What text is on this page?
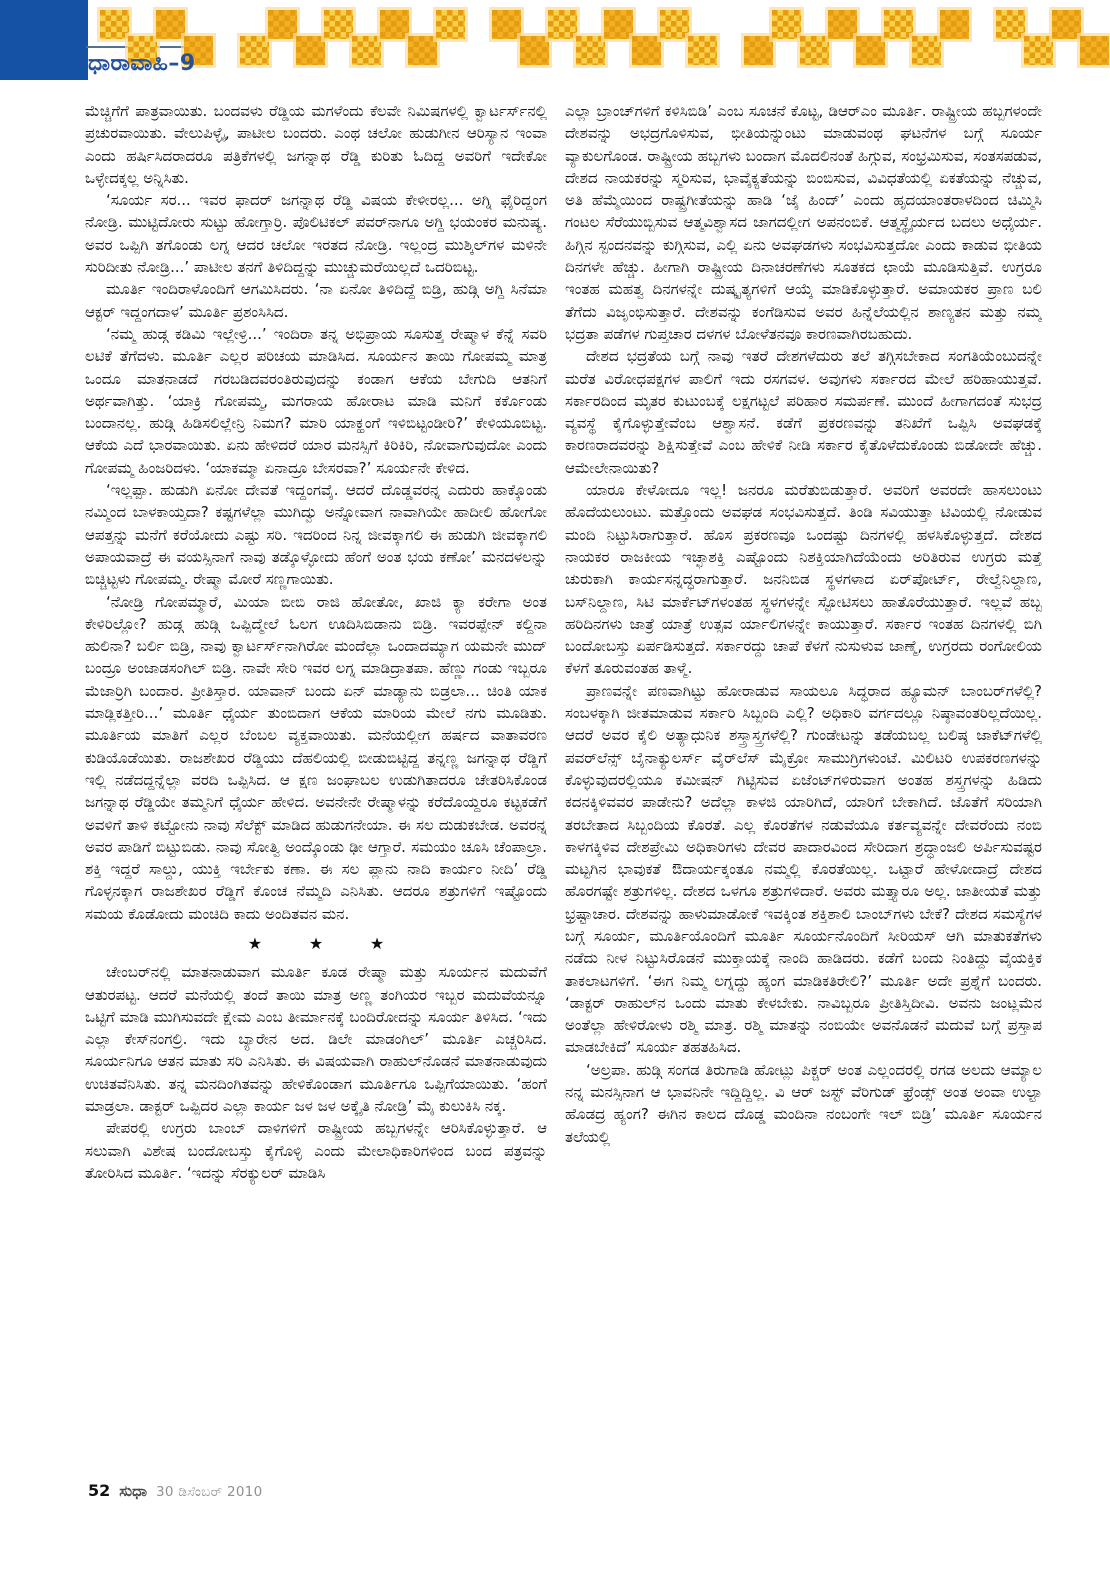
ಧಾರಾವಾಹಿ–9

ಮೆಚ್ಚಿಗೆಗೆ ಪಾತ್ರವಾಯಿತು. ಬಂದವಳು ರೆಡ್ಡಿಯ ಮಗಳೆಂದು ಕೆಲವೇ ನಿಮಿಷಗಳಲ್ಲಿ ಕ್ವಾರ್ಟರ್ಸ್‌ನಲ್ಲಿ ಪ್ರಚುರವಾಯಿತು. ವೇಲುಪಿಳ್ಳೈ, ಪಾಟೀಲ ಬಂದರು. ಎಂಥ ಚಲೋ ಹುಡುಗೀನ ಆರಿಸ್ಯಾನ ಇಂವಾ ಎಂದು ಹರ್ಷಿಸಿದರಾದರೂ ಪತ್ರಿಕೆಗಳಲ್ಲಿ ಜಗನ್ನಾಥ ರೆಡ್ಡಿ ಕುರಿತು ಓದಿದ್ದ ಅವರಿಗೆ ಇದೇಕೋ ಒಳ್ಳೇದಕ್ಕಲ್ಲ ಅನ್ನಿಸಿತು.

‘ಸೂರ್ಯ ಸರ... ಇವರ ಫಾದರ್ ಜಗನ್ನಾಥ ರೆಡ್ಡಿ ವಿಷಯ ಕೇಳೀರಲ್ಲ... ಅಗ್ನಿ ಫೈರಿದ್ದಂಗ ನೋಡ್ರಿ. ಮುಟ್ಟಿದೋರು ಸುಟ್ಟು ಹೋಗ್ತಾರ್ರಿ. ಪೊಲಿಟಿಕಲ್ ಪವರ್‌ನಾಗೂ ಅಗ್ದಿ ಭಯಂಕರ ಮನುಷ್ಯ. ಅವರ ಒಪ್ಪಿಗಿ ತಗೊಂಡು ಲಗ್ನ ಆದರ ಚಲೋ ಇರತದ ನೋಡ್ರಿ. ಇಲ್ಲಂದ್ರ ಮುಶ್ಕಿಲ್‌ಗಳ ಮಳಿನೇ ಸುರಿದೀತು ನೋಡ್ರಿ...’ ಪಾಟೀಲ ತನಗೆ ತಿಳಿದಿದ್ದನ್ನು ಮುಚ್ಚುಮರೆಯಿಲ್ಲದೆ ಒದರಿಬಿಟ್ಟ.

ಮೂರ್ತಿ ಇಂದಿರಾಳೊಂದಿಗೆ ಆಗಮಿಸಿದರು. ‘ನಾ ಏನೋ ತಿಳಿದಿದ್ದೆ ಬಿಡ್ರಿ, ಹುಡ್ಗಿ ಅಗ್ದಿ ಸಿನೆಮಾ ಆಕ್ಟರ್ ಇದ್ದಂಗದಾಳ’ ಮೂರ್ತಿ ಪ್ರಶಂಸಿಸಿದ.

‘ನಮ್ಮ ಹುಡ್ಗ ಕಡಿಮಿ ಇಲ್ಲೇಳ್ರಿ...’ ಇಂದಿರಾ ತನ್ನ ಅಭಿಪ್ರಾಯ ಸೂಸುತ್ತ ರೇಷ್ಮಾಳ ಕೆನ್ನೆ ಸವರಿ ಲಟಿಕೆ ತೆಗೆದಳು. ಮೂರ್ತಿ ಎಲ್ಲರ ಪರಿಚಯ ಮಾಡಿಸಿದ. ಸೂರ್ಯನ ತಾಯಿ ಗೋಪಮ್ಮ ಮಾತ್ರ ಒಂದೂ ಮಾತನಾಡದೆ ಗರಬಡಿದವರಂತಿರುವುದನ್ನು ಕಂಡಾಗ ಆಕೆಯ ಬೇಗುದಿ ಆತನಿಗೆ ಅರ್ಥವಾಗಿತ್ತು. ‘ಯಾಕ್ರಿ ಗೋಪಮ್ಮ, ಮಗರಾಯ ಹೋರಾಟ ಮಾಡಿ ಮನಿಗೆ ಕರ್ಕೊಂಡು ಬಂದಾನಲ್ಲ. ಹುಡ್ಗಿ ಹಿಡಿಸಲಿಲ್ಲೇನ್ರಿ ನಿಮಗ? ಮಾರಿ ಯಾಕ್ಹಂಗೆ ಇಳಿಬಿಟ್ಟಂಡೀರಿ?’ ಕೇಳಿಯೂಬಿಟ್ಟ. ಆಕೆಯ ಎದೆ ಭಾರವಾಯಿತು. ಏನು ಹೇಳಿದರೆ ಯಾರ ಮನಸ್ಸಿಗೆ ಕಿರಿಕಿರಿ, ನೋವಾಗುವುದೋ ಎಂದು ಗೋಪಮ್ಮ ಹಿಂಜರಿದಳು. ‘ಯಾಕಮ್ಮಾ ಏನಾದ್ರೂ ಬೇಸರವಾ?’ ಸೂರ್ಯನೇ ಕೇಳಿದ.

‘ಇಲ್ಲಪ್ಪಾ. ಹುಡುಗಿ ಏನೋ ದೇವತೆ ಇದ್ದಂಗವೈ. ಆದರೆ ದೊಡ್ಡವರನ್ನ ಎದುರು ಹಾಕ್ಕೊಂಡು ನಮ್ಮಿಂದ ಬಾಳಕಾಯ್ತದಾ? ಕಷ್ಟಗಳೆಲ್ಲಾ ಮುಗಿದ್ವು ಅನ್ನೋವಾಗ ನಾವಾಗಿಯೇ ಹಾದೀಲಿ ಹೋಗೋ ಆಪತ್ತನ್ನು ಮನೆಗೆ ಕರೆಯೋದು ಎಷ್ಟು ಸರಿ. ಇದರಿಂದ ನಿನ್ನ ಜೀವಕ್ಕಾಗಲಿ ಈ ಹುಡುಗಿ ಜೀವಕ್ಕಾಗಲಿ ಅಪಾಯವಾದ್ರೆ ಈ ವಯಸ್ಸಿನಾಗೆ ನಾವು ತಡ್ಕೊಳ್ಳೋದು ಹೆಂಗೆ ಅಂತ ಭಯ ಕಣೋ’ ಮನದಳಲನ್ನು ಬಿಚ್ಚಿಟ್ಟಳು ಗೋಪಮ್ಮ. ರೇಷ್ಮಾ ಮೋರೆ ಸಣ್ಣಗಾಯಿತು.

‘ನೋಡ್ರಿ ಗೋಪಮ್ಮಾರೆ, ಮಿಯಾ ಬೀಬಿ ರಾಜಿ ಹೋತೋ, ಖಾಜಿ ಕ್ಯಾ ಕರೇಗಾ ಅಂತ ಕೇಳಿರಿಲ್ಲೋ? ಹುಡ್ಗ ಹುಡ್ಗಿ ಒಪ್ಪಿದ್ಮೇಲೆ ಓಲಗ ಊದಿಸಿಬಿಡಾನು ಬಿಡ್ರಿ. ಇವರಪ್ಪೇನ್ ಕಲ್ದಿನಾ ಹುಲಿನಾ? ಬರ್ಲಿ ಬಿಡ್ರಿ, ನಾವು ಕ್ವಾರ್ಟರ್ಸ್‌ನಾಗಿರೋ ಮಂದೆಲ್ಲಾ ಒಂದಾದಮ್ಯಾಗ ಯಮನೇ ಮುದ್ ಬಂದ್ರೂ ಅಂಜಾಡಸಂಗಿಲ್ ಬಿಡ್ರಿ. ನಾವೇ ಸೇರಿ ಇವರ ಲಗ್ನ ಮಾಡಿದ್ರಾತಪಾ. ಹೆಣ್ಣು ಗಂಡು ಇಬ್ಬರೂ ಮೆಜಾರ್ರಿಗಿ ಬಂದಾರ. ಪ್ರೀತಿಸ್ತಾರ. ಯಾವಾನ್ ಬಂದು ಏನ್ ಮಾಡ್ಯಾನು ಬಿಡ್ರಲಾ... ಚಿಂತಿ ಯಾಕ ಮಾಡ್ಲಿಕತ್ತೀರಿ...’ ಮೂರ್ತಿ ಧೈರ್ಯ ತುಂಬಿದಾಗ ಆಕೆಯ ಮಾರಿಯ ಮೇಲೆ ನಗು ಮೂಡಿತು. ಮೂರ್ತಿಯ ಮಾತಿಗೆ ಎಲ್ಲರ ಬೆಂಬಲ ವ್ಯಕ್ತವಾಯಿತು. ಮನೆಯಲ್ಲೀಗ ಹರ್ಷದ ವಾತಾವರಣ ಕುಡಿಯೊಡೆಯಿತು. ರಾಜಶೇಖರ ರೆಡ್ಡಿಯು ದೆಹಲಿಯಲ್ಲಿ ಬೀಡುಬಿಟ್ಟಿದ್ದ ತನ್ನಣ್ಣ ಜಗನ್ನಾಥ ರೆಡ್ಡಿಗೆ ಇಲ್ಲಿ ನಡೆದದ್ದನ್ನೆಲ್ಲಾ ವರದಿ ಒಪ್ಪಿಸಿದ. ಆ ಕ್ಷಣ ಜಂಘಾಬಲ ಉಡುಗಿತಾದರೂ ಚೇತರಿಸಿಕೊಂಡ ಜಗನ್ನಾಥ ರೆಡ್ಡಿಯೇ ತಮ್ಮನಿಗೆ ಧೈರ್ಯ ಹೇಳಿದ. ಅವನೇನೇ ರೇಷ್ಮಾಳನ್ನು ಕರೆದೊಯ್ದರೂ ಕಟ್ಟಕಡೆಗೆ ಅವಳಿಗೆ ತಾಳಿ ಕಟ್ಟೋನು ನಾವು ಸೆಲೆಕ್ಟ್ ಮಾಡಿದ ಹುಡುಗನೇಯಾ. ಈ ಸಲ ದುಡುಕಬೇಡ. ಅವರನ್ನ ಅವರ ಪಾಡಿಗೆ ಬಿಟ್ಟುಬಿಡು. ನಾವು ಸೋತ್ವಿ ಅಂದ್ಕೊಂಡು ಢೀ ಆಗ್ತಾರೆ. ಸಮಯಂ ಚೂಸಿ ಚೆಂಪಾಲ್ರಾ. ಶಕ್ತಿ ಇದ್ದರೆ ಸಾಲ್ದು, ಯುಕ್ತಿ ಇರ್ಬೇಕು ಕಣಾ. ಈ ಸಲ ಪ್ಲಾನು ನಾದಿ ಕಾರ್ಯಂ ನೀದಿ’ ರೆಡ್ಡಿ ಗೊಳ್ಳನಕ್ಕಾಗ ರಾಜಶೇಖರ ರೆಡ್ಡಿಗೆ ಕೊಂಚ ನೆಮ್ಮದಿ ಎನಿಸಿತು. ಆದರೂ ಶತ್ರುಗಳಿಗೆ ಇಷ್ಟೊಂದು ಸಮಯ ಕೊಡೋದು ಮಂಚಿದಿ ಕಾದು ಅಂದಿತವನ ಮನ.

★ ★ ★

ಚೇಂಬರ್‌ನಲ್ಲಿ ಮಾತನಾಡುವಾಗ ಮೂರ್ತಿ ಕೂಡ ರೇಷ್ಮಾ ಮತ್ತು ಸೂರ್ಯನ ಮದುವೆಗೆ ಆತುರಪಟ್ಟ. ಆದರೆ ಮನೆಯಲ್ಲಿ ತಂದೆ ತಾಯಿ ಮಾತ್ರ ಅಣ್ಣ ತಂಗಿಯರ ಇಬ್ಬರ ಮದುವೆಯನ್ನೂ ಒಟ್ಟಿಗೆ ಮಾಡಿ ಮುಗಿಸುವದೇ ಕ್ಷೇಮ ಎಂಬ ತೀರ್ಮಾನಕ್ಕೆ ಬಂದಿರೋದನ್ನು ಸೂರ್ಯ ತಿಳಿಸಿದ. ‘ಇದು ಎಲ್ಲಾ ಕೇಸ್‌ನಂಗಲ್ರಿ. ಇದು ಬ್ಯಾರೇನ ಅದ. ಡಿಲೇ ಮಾಡಂಗಿಲ್’ ಮೂರ್ತಿ ಎಚ್ಚರಿಸಿದ. ಸೂರ್ಯನಿಗೂ ಆತನ ಮಾತು ಸರಿ ಎನಿಸಿತು. ಈ ವಿಷಯವಾಗಿ ರಾಹುಲ್‌ನೊಡನೆ ಮಾತನಾಡುವುದು ಉಚಿತವೆನಿಸಿತು. ತನ್ನ ಮನದಿಂಗಿತವನ್ನು ಹೇಳಿಕೊಂಡಾಗ ಮೂರ್ತಿಗೂ ಒಪ್ಪಿಗೆಯಾಯಿತು. ‘ಹಂಗೆ ಮಾಡ್ರಲಾ. ಡಾಕ್ಟರ್ ಒಪ್ಪಿದರ ಎಲ್ಲಾ ಕಾರ್ಯ ಜಳ ಜಳ ಅಕ್ಕೈತಿ ನೋಡ್ರಿ’ ಮೈ ಕುಲುಕಿಸಿ ನಕ್ಕ.

ಪೇಪರಲ್ಲಿ ಉಗ್ರರು ಬಾಂಬ್ ದಾಳಿಗಳಿಗೆ ರಾಷ್ಟ್ರೀಯ ಹಬ್ಬಗಳನ್ನೇ ಆರಿಸಿಕೊಳ್ಳುತ್ತಾರೆ. ಆ ಸಲುವಾಗಿ ವಿಶೇಷ ಬಂದೋಬಸ್ತು ಕೈಗೊಳ್ಳಿ ಎಂದು ಮೇಲಾಧಿಕಾರಿಗಳಿಂದ ಬಂದ ಪತ್ರವನ್ನು ತೋರಿಸಿದ ಮೂರ್ತಿ. ‘ಇದನ್ನು ಸೆರಕ್ಯುಲರ್ ಮಾಡಿಸಿ

ಎಲ್ಲಾ ಬ್ರಾಂಚ್‌ಗಳಿಗೆ ಕಳಿಸಿಬಿಡಿ’ ಎಂಬ ಸೂಚನೆ ಕೊಟ್ಟ, ಡಿಆರ್‌ಎಂ ಮೂರ್ತಿ. ರಾಷ್ಟ್ರೀಯ ಹಬ್ಬಗಳಂದೇ ದೇಶವನ್ನು ಅಭದ್ರಗೊಳಿಸುವ, ಭೀತಿಯನ್ನುಂಟು ಮಾಡುವಂಥ ಘಟನೆಗಳ ಬಗ್ಗೆ ಸೂರ್ಯ ವ್ಯಾಕುಲಗೊಂಡ. ರಾಷ್ಟ್ರೀಯ ಹಬ್ಬಗಳು ಬಂದಾಗ ಮೊದಲಿನಂತೆ ಹಿಗ್ಗುವ, ಸಂಭ್ರಮಿಸುವ, ಸಂತಸಪಡುವ, ದೇಶದ ನಾಯಕರನ್ನು ಸ್ಮರಿಸುವ, ಭಾವೈಕ್ಯತೆಯನ್ನು ಬಿಂಬಿಸುವ, ವಿವಿಧತೆಯಲ್ಲಿ ಏಕತೆಯನ್ನು ನೆಚ್ಚುವ, ಅತಿ ಹೆಮ್ಮೆಯಿಂದ ರಾಷ್ಟ್ರಗೀತೆಯನ್ನು ಹಾಡಿ ‘ಜೈ ಹಿಂದ್’ ಎಂದು ಹೃದಯಾಂತರಾಳದಿಂದ ಚಿಮ್ಮಿಸಿ ಗಂಟಲ ಸೆರೆಯುಬ್ಬಿಸುವ ಆತ್ಮವಿಶ್ವಾಸದ ಜಾಗದಲ್ಲೀಗ ಅಪನಂಬಿಕೆ. ಆತ್ಮಸ್ಥೈರ್ಯದ ಬದಲು ಅಧೈರ್ಯ. ಹಿಗ್ಗಿನ ಸ್ಪಂದನವನ್ನು ಕುಗ್ಗಿಸುವ, ಎಲ್ಲಿ ಏನು ಅವಘಡಗಳು ಸಂಭವಿಸುತ್ತದೋ ಎಂದು ಕಾಡುವ ಭೀತಿಯ ದಿನಗಳೇ ಹೆಚ್ಚು. ಹೀಗಾಗಿ ರಾಷ್ಟ್ರೀಯ ದಿನಾಚರಣೆಗಳು ಸೂತಕದ ಛಾಯೆ ಮೂಡಿಸುತ್ತಿವೆ. ಉಗ್ರರೂ ಇಂತಹ ಮಹತ್ವ ದಿನಗಳನ್ನೇ ದುಷ್ಕೃತ್ಯಗಳಿಗೆ ಆಯ್ಕೆ ಮಾಡಿಕೊಳ್ಳುತ್ತಾರೆ. ಅಮಾಯಕರ ಪ್ರಾಣ ಬಲಿ ತೆಗೆದು ವಿಜೃಂಭಿಸುತ್ತಾರೆ. ದೇಶವನ್ನು ಕಂಗೆಡಿಸುವ ಅವರ ಹಿನ್ನೆಲೆಯಲ್ಲಿನ ಶಾಣ್ಯತನ ಮತ್ತು ನಮ್ಮ ಭದ್ರತಾ ಪಡೆಗಳ ಗುಪ್ತಚಾರ ದಳಗಳ ಬೋಳೆತನವೂ ಕಾರಣವಾಗಿರಬಹುದು.

ದೇಶದ ಭದ್ರತೆಯ ಬಗ್ಗೆ ನಾವು ಇತರೆ ದೇಶಗಳೆದುರು ತಲೆ ತಗ್ಗಿಸಬೇಕಾದ ಸಂಗತಿಯೆಂಬುದನ್ನೇ ಮರೆತ ವಿರೋಧಪಕ್ಷಗಳ ಪಾಲಿಗೆ ಇದು ರಸಗವಳ. ಅವುಗಳು ಸರ್ಕಾರದ ಮೇಲೆ ಹರಿಹಾಯುತ್ತವೆ. ಸರ್ಕಾರದಿಂದ ಮೃತರ ಕುಟುಂಬಕ್ಕೆ ಲಕ್ಷಗಟ್ಟಲೆ ಪರಿಹಾರ ಸಮರ್ಪಣೆ. ಮುಂದೆ ಹೀಗಾಗದಂತೆ ಸುಭದ್ರ ವ್ಯವಸ್ಥೆ ಕೈಗೊಳ್ಳುತ್ತೇವೆಂಬ ಆಶ್ವಾಸನೆ. ಕಡೆಗೆ ಪ್ರಕರಣವನ್ನು ತನಿಖೆಗೆ ಒಪ್ಪಿಸಿ ಅವಘಡಕ್ಕೆ ಕಾರಣರಾದವರನ್ನು ಶಿಕ್ಷಿಸುತ್ತೇವೆ ಎಂಬ ಹೇಳಿಕೆ ನೀಡಿ ಸರ್ಕಾರ ಕೈತೊಳೆದುಕೊಂಡು ಬಿಡೋದೇ ಹೆಚ್ಚು. ಆಮೇಲೇನಾಯಿತು?

ಯಾರೂ ಕೇಳೋದೂ ಇಲ್ಲ! ಜನರೂ ಮರೆತುಬಿಡುತ್ತಾರೆ. ಅವರಿಗೆ ಅವರದೇ ಹಾಸಲುಂಟು ಹೊದೆಯಲುಂಟು. ಮತ್ತೊಂದು ಅವಘಡ ಸಂಭವಿಸುತ್ತದೆ. ತಿಂಡಿ ಸವಿಯುತ್ತಾ ಟಿವಿಯಲ್ಲಿ ನೋಡುವ ಮಂದಿ ನಿಟ್ಟುಸಿರಾಗುತ್ತಾರೆ. ಹೊಸ ಪ್ರಕರಣವೂ ಒಂದಷ್ಟು ದಿನಗಳಲ್ಲಿ ಹಳಸಿಕೊಳ್ಳುತ್ತದೆ. ದೇಶದ ನಾಯಕರ ರಾಜಕೀಯ ಇಚ್ಛಾಶಕ್ತಿ ಎಷ್ಟೊಂದು ನಿಶಕ್ತಿಯಾಗಿದೆಯೆಂದು ಅರಿತಿರುವ ಉಗ್ರರು ಮತ್ತೆ ಚುರುಕಾಗಿ ಕಾರ್ಯಸನ್ನದ್ಧರಾಗುತ್ತಾರೆ. ಜನನಿಬಿಡ ಸ್ಥಳಗಳಾದ ಏರ್‌ಪೋರ್ಟ್, ರೇಲ್ವೆನಿಲ್ದಾಣ, ಬಸ್‌ನಿಲ್ದಾಣ, ಸಿಟಿ ಮಾರ್ಕೆಟ್‌ಗಳಂತಹ ಸ್ಥಳಗಳನ್ನೇ ಸ್ಫೋಟಿಸಲು ಹಾತೊರೆಯುತ್ತಾರೆ. ಇಲ್ಲವೆ ಹಬ್ಬ ಹರಿದಿನಗಳು ಜಾತ್ರೆ ಯಾತ್ರೆ ಉತ್ಸವ ರ್ಯಾಲಿಗಳನ್ನೇ ಕಾಯುತ್ತಾರೆ. ಸರ್ಕಾರ ಇಂತಹ ದಿನಗಳಲ್ಲಿ ಬಿಗಿ ಬಂದೋಬಸ್ತು ಏರ್ಪಡಿಸುತ್ತದೆ. ಸರ್ಕಾರದ್ದು ಚಾಪೆ ಕೆಳಗೆ ನುಸುಳುವ ಜಾಣ್ಮೆ, ಉಗ್ರರದು ರಂಗೋಲಿಯ ಕೆಳಗೆ ತೂರುವಂತಹ ತಾಳ್ಮೆ.

ಪ್ರಾಣವನ್ನೇ ಪಣವಾಗಿಟ್ಟು ಹೋರಾಡುವ ಸಾಯಲೂ ಸಿದ್ಧರಾದ ಹ್ಯೂಮನ್ ಬಾಂಬರ್‌ಗಳೆಲ್ಲಿ? ಸಂಬಳಕ್ಕಾಗಿ ಜೀತಮಾಡುವ ಸರ್ಕಾರಿ ಸಿಬ್ಬಂದಿ ಎಲ್ಲಿ? ಅಧಿಕಾರಿ ವರ್ಗದಲ್ಲೂ ನಿಷ್ಠಾವಂತರಿಲ್ಲದೆಯಿಲ್ಲ. ಆದರೆ ಅವರ ಕೈಲಿ ಅತ್ಯಾಧುನಿಕ ಶಸ್ತ್ರಾಸ್ತ್ರಗಳೆಲ್ಲಿ? ಗುಂಡೇಟನ್ನು ತಡೆಯಬಲ್ಲ ಬಲಿಷ್ಠ ಜಾಕೆಟ್‌ಗಳೆಲ್ಲಿ ಪವರ್‌ಲೆನ್ಸ್ ಬೈನಾಕ್ಯುಲರ್ಸ್ ವೈರ್‌ಲೆಸ್ ಮೈಕ್ರೋ ಸಾಮುಗ್ರಿಗಳುಂಟೆ. ಮಿಲಿಟರಿ ಉಪಕರಣಗಳನ್ನು ಕೊಳ್ಳುವುದರಲ್ಲಿಯೂ ಕಮೀಷನ್ ಗಿಟ್ಟಿಸುವ ಏಜೆಂಟ್‌ಗಳಿರುವಾಗ ಅಂತಹ ಶಸ್ತ್ರಗಳನ್ನು ಹಿಡಿದು ಕದನಕ್ಕಿಳಿವವರ ಪಾಡೇನು? ಅದೆಲ್ಲಾ ಕಾಳಜಿ ಯಾರಿಗಿದೆ, ಯಾರಿಗೆ ಬೇಕಾಗಿದೆ. ಜೊತೆಗೆ ಸರಿಯಾಗಿ ತರಬೇತಾದ ಸಿಬ್ಬಂದಿಯ ಕೊರತೆ. ಎಲ್ಲ ಕೊರತೆಗಳ ನಡುವೆಯೂ ಕರ್ತವ್ಯವನ್ನೇ ದೇವರೆಂದು ನಂಬಿ ಕಾಳಗಕ್ಕಿಳಿವ ದೇಶಪ್ರೇಮಿ ಅಧಿಕಾರಿಗಳು ದೇವರ ಪಾದಾರವಿಂದ ಸೇರಿದಾಗ ಶ್ರದ್ಧಾಂಜಲಿ ಅರ್ಪಿಸುವಷ್ಟರ ಮಟ್ಟಗಿನ ಭಾವುಕತೆ ಔದಾರ್ಯಕ್ಕಂತೂ ನಮ್ಮಲ್ಲಿ ಕೊರತೆಯಿಲ್ಲ. ಒಟ್ಟಾರೆ ಹೇಳೋದಾದ್ರೆ ದೇಶದ ಹೊರಗಷ್ಟೇ ಶತ್ರುಗಳಿಲ್ಲ. ದೇಶದ ಒಳಗೂ ಶತ್ರುಗಳಿದಾರೆ. ಅವರು ಮತ್ತ್ಯಾರೂ ಅಲ್ಲ. ಜಾತೀಯತೆ ಮತ್ತು ಭ್ರಷ್ಟಾಚಾರ. ದೇಶವನ್ನು ಹಾಳುಮಾಡೋಕೆ ಇವಕ್ಕಿಂತ ಶಕ್ತಿಶಾಲಿ ಬಾಂಬ್‌ಗಳು ಬೇಕೆ? ದೇಶದ ಸಮಸ್ಯೆಗಳ ಬಗ್ಗೆ ಸೂರ್ಯ, ಮೂರ್ತಿಯೊಂದಿಗೆ ಮೂರ್ತಿ ಸೂರ್ಯನೊಂದಿಗೆ ಸೀರಿಯಸ್ ಆಗಿ ಮಾತುಕತೆಗಳು ನಡೆದು ನೀಳ ನಿಟ್ಟುಸಿರೊಡನೆ ಮುಕ್ತಾಯಕ್ಕೆ ನಾಂದಿ ಹಾಡಿದರು. ಕಡೆಗೆ ಬಂದು ನಿಂತಿದ್ದು ವೈಯಕ್ತಿಕ ತಾಕಲಾಟಗಳಿಗೆ. ‘ಈಗ ನಿಮ್ಮ ಲಗ್ನದ್ದು ಹ್ಯಂಗ ಮಾಡಿಕತಿರೇಲಿ?’ ಮೂರ್ತಿ ಅದೇ ಪ್ರಶ್ನೆಗೆ ಬಂದರು. ‘ಡಾಕ್ಟರ್ ರಾಹುಲ್‌ನ ಒಂದು ಮಾತು ಕೇಳಬೇಕು. ನಾವಿಬ್ಬರೂ ಪ್ರೀತಿಸ್ತಿದೀವಿ. ಅವನು ಜಂಟ್ಲಮೆನ ಅಂತೆಲ್ಲಾ ಹೇಳಿರೋಳು ರಶ್ಮಿ ಮಾತ್ರ. ರಶ್ಮಿ ಮಾತನ್ನು ನಂಬಿಯೇ ಅವನೊಡನೆ ಮದುವೆ ಬಗ್ಗೆ ಪ್ರಸ್ತಾಪ ಮಾಡಬೇಕಿದೆ’ ಸೂರ್ಯ ತಹತಹಿಸಿದ.

‘ಅಲ್ರಪಾ. ಹುಡ್ಗಿ ಸಂಗಡ ತಿರುಗಾಡಿ ಹೋಟ್ಲು ಪಿಕ್ಚರ್ ಅಂತ ಎಲ್ಲಂದರಲ್ಲಿ ರಗಡ ಅಲದು ಆಮ್ಯಾಲ ನನ್ನ ಮನಸ್ಸಿನಾಗ ಆ ಭಾವನಿನೇ ಇದ್ದಿದ್ದಿಲ್ಲ. ವಿ ಆರ್ ಜಸ್ಟ್ ವೆರಿಗುಡ್ ಫ್ರೆಂಡ್ಸ್ ಅಂತ ಅಂವಾ ಉಲ್ಟಾ ಹೊಡದ್ರ ಹ್ಯಂಗ? ಈಗಿನ ಕಾಲದ ದೊಡ್ಡ ಮಂದಿನಾ ನಂಬಂಗೇ ಇಲ್ ಬಿಡ್ರಿ’ ಮೂರ್ತಿ ಸೂರ್ಯನ ತಲೆಯಲ್ಲಿ

52 ಸುಧಾ 30 ಡಿಸೆಂಬರ್ 2010
